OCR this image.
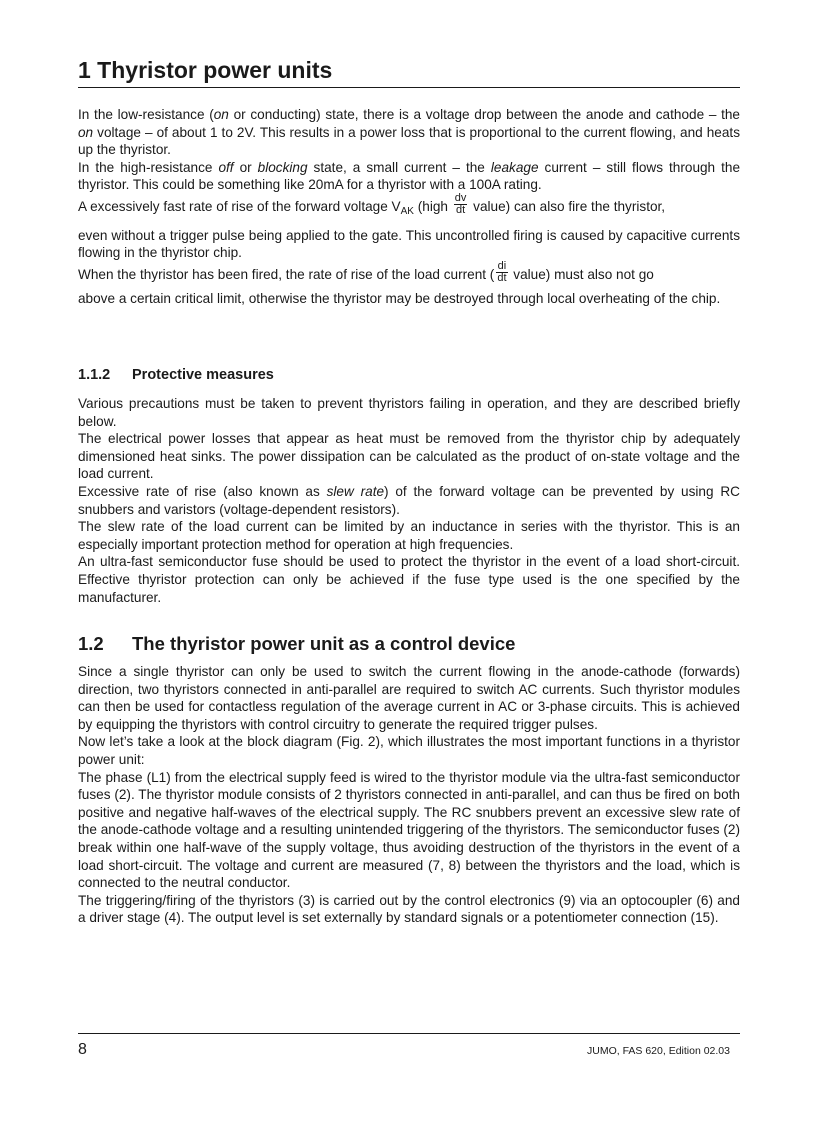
1 Thyristor power units

In the low-resistance (on or conducting) state, there is a voltage drop between the anode and cathode – the on voltage – of about 1 to 2V. This results in a power loss that is proportional to the current flowing, and heats up the thyristor.

In the high-resistance off or blocking state, a small current – the leakage current – still flows through the thyristor. This could be something like 20mA for a thyristor with a 100A rating.

A excessively fast rate of rise of the forward voltage $V_{AK}$ (high $\frac{dv}{dt}$ value) can also fire the thyristor,

even without a trigger pulse being applied to the gate. This uncontrolled firing is caused by capacitive currents flowing in the thyristor chip.

When the thyristor has been fired, the rate of rise of the load current ( $\frac{di}{dt}$ value) must also not go

above a certain critical limit, otherwise the thyristor may be destroyed through local overheating of the chip.

1.1.2 Protective measures

Various precautions must be taken to prevent thyristors failing in operation, and they are described briefly below.

The electrical power losses that appear as heat must be removed from the thyristor chip by adequately dimensioned heat sinks. The power dissipation can be calculated as the product of on-state voltage and the load current.

Excessive rate of rise (also known as slew rate) of the forward voltage can be prevented by using RC snubbers and varistors (voltage-dependent resistors).

The slew rate of the load current can be limited by an inductance in series with the thyristor. This is an especially important protection method for operation at high frequencies.

An ultra-fast semiconductor fuse should be used to protect the thyristor in the event of a load short-circuit. Effective thyristor protection can only be achieved if the fuse type used is the one specified by the manufacturer.

1.2 The thyristor power unit as a control device

Since a single thyristor can only be used to switch the current flowing in the anode-cathode (forwards) direction, two thyristors connected in anti-parallel are required to switch AC currents. Such thyristor modules can then be used for contactless regulation of the average current in AC or 3-phase circuits. This is achieved by equipping the thyristors with control circuitry to generate the required trigger pulses.

Now let’s take a look at the block diagram (Fig. 2), which illustrates the most important functions in a thyristor power unit:

The phase (L1) from the electrical supply feed is wired to the thyristor module via the ultra-fast semiconductor fuses (2). The thyristor module consists of 2 thyristors connected in anti-parallel, and can thus be fired on both positive and negative half-waves of the electrical supply. The RC snubbers prevent an excessive slew rate of the anode-cathode voltage and a resulting unintended triggering of the thyristors. The semiconductor fuses (2) break within one half-wave of the supply voltage, thus avoiding destruction of the thyristors in the event of a load short-circuit. The voltage and current are measured (7, 8) between the thyristors and the load, which is connected to the neutral conductor.

The triggering/firing of the thyristors (3) is carried out by the control electronics (9) via an optocoupler (6) and a driver stage (4). The output level is set externally by standard signals or a potentiometer connection (15).

8	JUMO, FAS 620, Edition 02.03
